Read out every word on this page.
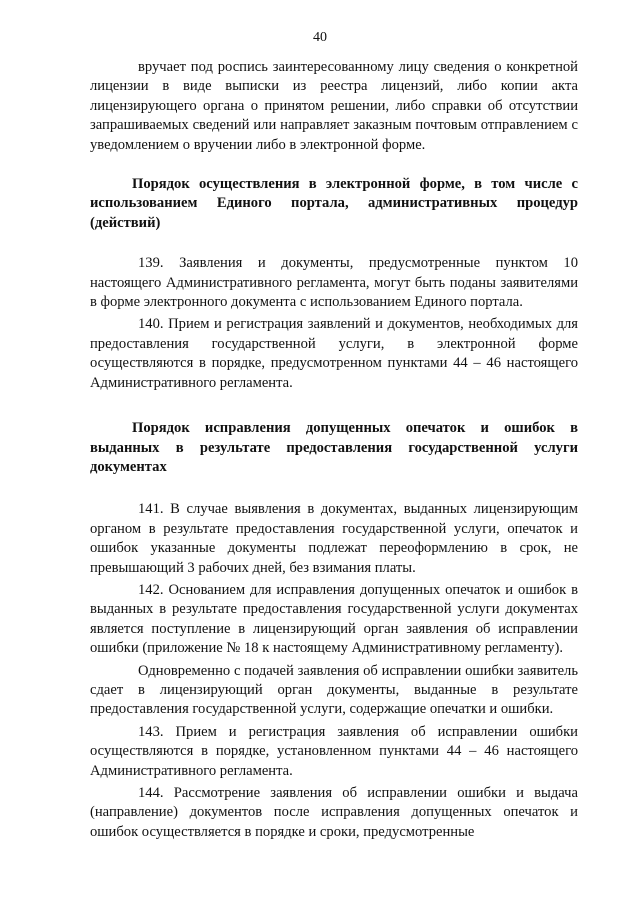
40

вручает под роспись заинтересованному лицу сведения о конкретной лицензии в виде выписки из реестра лицензий, либо копии акта лицензирующего органа о принятом решении, либо справки об отсутствии запрашиваемых сведений или направляет заказным почтовым отправлением с уведомлением о вручении либо в электронной форме.

Порядок осуществления в электронной форме, в том числе с использованием Единого портала, административных процедур (действий)

139. Заявления и документы, предусмотренные пунктом 10 настоящего Административного регламента, могут быть поданы заявителями в форме электронного документа с использованием Единого портала.

140. Прием и регистрация заявлений и документов, необходимых для предоставления государственной услуги, в электронной форме осуществляются в порядке, предусмотренном пунктами 44 – 46 настоящего Административного регламента.

Порядок исправления допущенных опечаток и ошибок в выданных в результате предоставления государственной услуги документах

141. В случае выявления в документах, выданных лицензирующим органом в результате предоставления государственной услуги, опечаток и ошибок указанные документы подлежат переоформлению в срок, не превышающий 3 рабочих дней, без взимания платы.

142. Основанием для исправления допущенных опечаток и ошибок в выданных в результате предоставления государственной услуги документах является поступление в лицензирующий орган заявления об исправлении ошибки (приложение № 18 к настоящему Административному регламенту).

Одновременно с подачей заявления об исправлении ошибки заявитель сдает в лицензирующий орган документы, выданные в результате предоставления государственной услуги, содержащие опечатки и ошибки.

143. Прием и регистрация заявления об исправлении ошибки осуществляются в порядке, установленном пунктами 44 – 46 настоящего Административного регламента.

144. Рассмотрение заявления об исправлении ошибки и выдача (направление) документов после исправления допущенных опечаток и ошибок осуществляется в порядке и сроки, предусмотренные
